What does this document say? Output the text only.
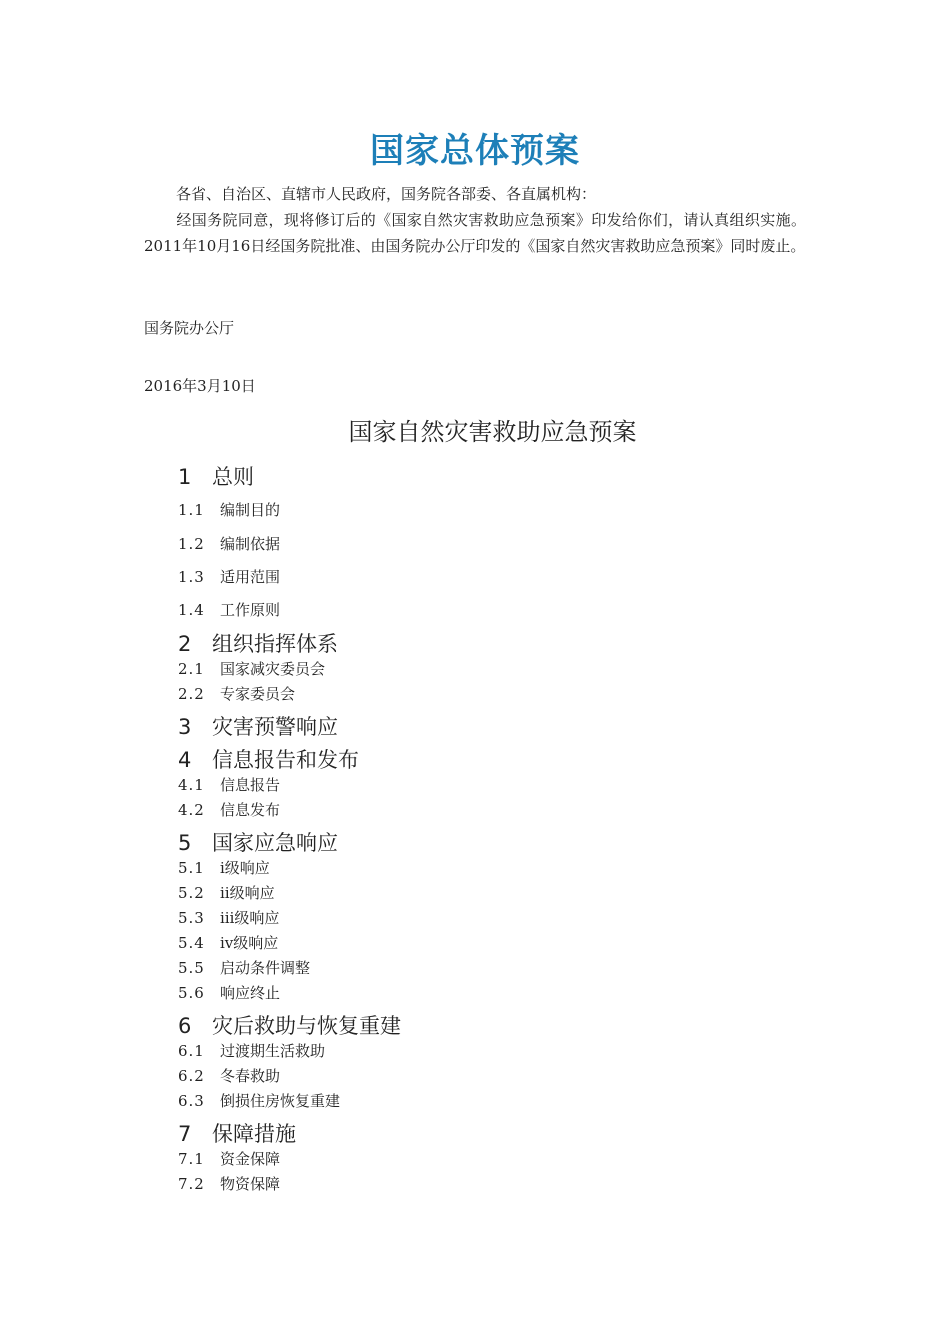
国家总体预案
各省、自治区、直辖市人民政府，国务院各部委、各直属机构：
经国务院同意，现将修订后的《国家自然灾害救助应急预案》印发给你们，请认真组织实施。2011年10月16日经国务院批准、由国务院办公厅印发的《国家自然灾害救助应急预案》同时废止。
国务院办公厅
2016年3月10日
国家自然灾害救助应急预案
1 总则
1.1 编制目的
1.2 编制依据
1.3 适用范围
1.4 工作原则
2 组织指挥体系
2.1 国家减灾委员会
2.2 专家委员会
3 灾害预警响应
4 信息报告和发布
4.1 信息报告
4.2 信息发布
5 国家应急响应
5.1 ⅰ级响应
5.2 ⅱ级响应
5.3 ⅲ级响应
5.4 ⅳ级响应
5.5 启动条件调整
5.6 响应终止
6 灾后救助与恢复重建
6.1 过渡期生活救助
6.2 冬春救助
6.3 倒损住房恢复重建
7 保障措施
7.1 资金保障
7.2 物资保障
